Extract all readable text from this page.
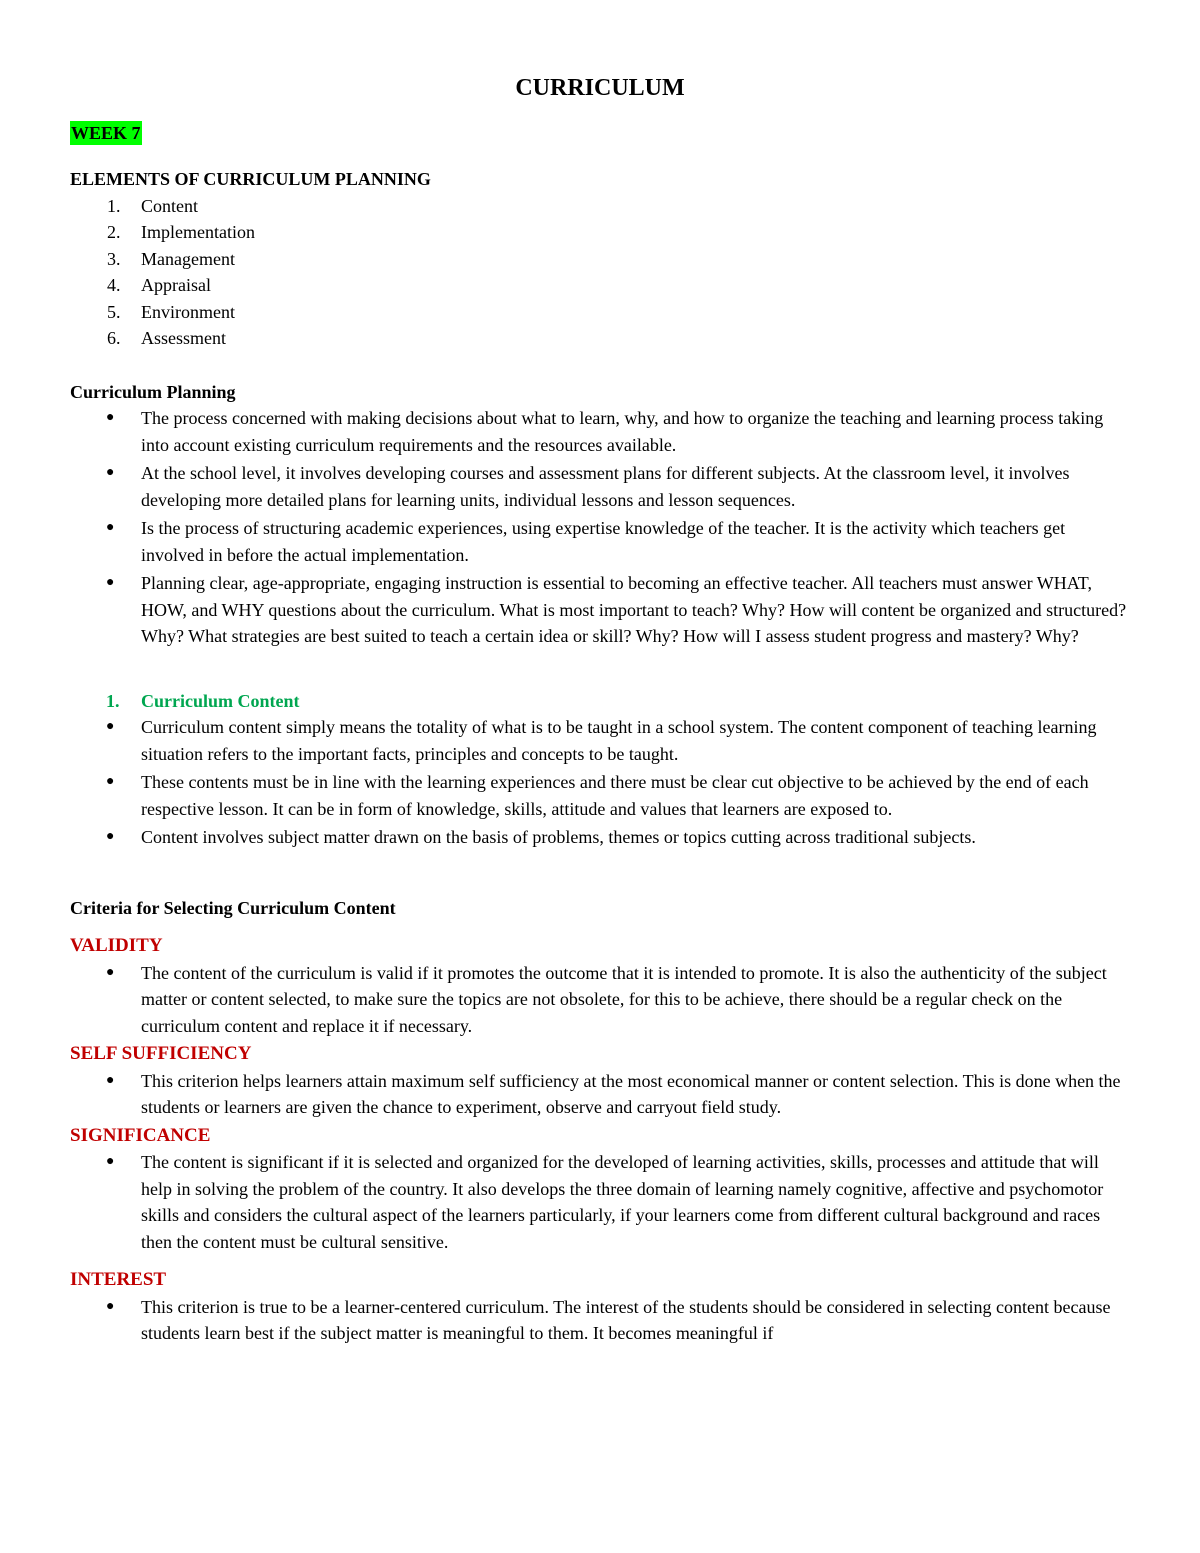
CURRICULUM
WEEK 7

ELEMENTS OF CURRICULUM PLANNING

1.	Content
2.	Implementation
3.	Management
4.	Appraisal
5.	Environment
6.	Assessment

Curriculum Planning

● The process concerned with making decisions about what to learn, why, and how to organize the teaching and learning process taking into account existing curriculum requirements and the resources available.
● At the school level, it involves developing courses and assessment plans for different subjects. At the classroom level, it involves developing more detailed plans for learning units, individual lessons and lesson sequences.
● Is the process of structuring academic experiences, using expertise knowledge of the teacher. It is the activity which teachers get involved in before the actual implementation.
● Planning clear, age-appropriate, engaging instruction is essential to becoming an effective teacher. All teachers must answer WHAT, HOW, and WHY questions about the curriculum. What is most important to teach? Why? How will content be organized and structured? Why? What strategies are best suited to teach a certain idea or skill? Why? How will I assess student progress and mastery? Why?

1. Curriculum Content

● Curriculum content simply means the totality of what is to be taught in a school system. The content component of teaching learning situation refers to the important facts, principles and concepts to be taught.
● These contents must be in line with the learning experiences and there must be clear cut objective to be achieved by the end of each respective lesson. It can be in form of knowledge, skills, attitude and values that learners are exposed to.
● Content involves subject matter drawn on the basis of problems, themes or topics cutting across traditional subjects.

Criteria for Selecting Curriculum Content

VALIDITY

● The content of the curriculum is valid if it promotes the outcome that it is intended to promote. It is also the authenticity of the subject matter or content selected, to make sure the topics are not obsolete, for this to be achieve, there should be a regular check on the curriculum content and replace it if necessary.

SELF SUFFICIENCY

● This criterion helps learners attain maximum self sufficiency at the most economical manner or content selection. This is done when the students or learners are given the chance to experiment, observe and carryout field study.

SIGNIFICANCE

● The content is significant if it is selected and organized for the developed of learning activities, skills, processes and attitude that will help in solving the problem of the country. It also develops the three domain of learning namely cognitive, affective and psychomotor skills and considers the cultural aspect of the learners particularly, if your learners come from different cultural background and races then the content must be cultural sensitive.

INTEREST

● This criterion is true to be a learner-centered curriculum. The interest of the students should be considered in selecting content because students learn best if the subject matter is meaningful to them. It becomes meaningful if
